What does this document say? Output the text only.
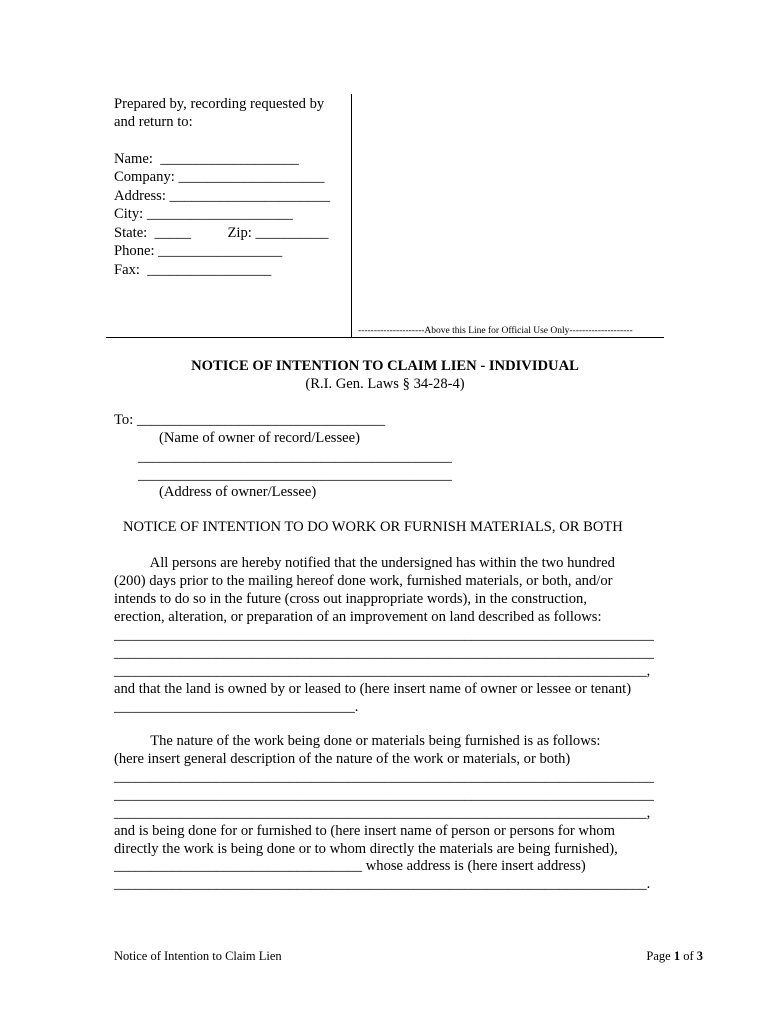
Prepared by, recording requested by
and return to:
Name:  ___________________
Company: ____________________
Address: ______________________
City: ____________________
State:  _____          Zip: __________
Phone: _________________
Fax:  _________________
---------------------Above this Line for Official Use Only--------------------
NOTICE OF INTENTION TO CLAIM LIEN - INDIVIDUAL
(R.I. Gen. Laws § 34-28-4)
To: __________________________________
(Name of owner of record/Lessee)
___________________________________________
___________________________________________
(Address of owner/Lessee)
NOTICE OF INTENTION TO DO WORK OR FURNISH MATERIALS, OR BOTH
All persons are hereby notified that the undersigned has within the two hundred
(200) days prior to the mailing hereof done work, furnished materials, or both, and/or
intends to do so in the future (cross out inappropriate words), in the construction,
erection, alteration, or preparation of an improvement on land described as follows:
__________________________________________________________________________
__________________________________________________________________________
_________________________________________________________________________,
and that the land is owned by or leased to (here insert name of owner or lessee or tenant)
_________________________________.
The nature of the work being done or materials being furnished is as follows:
(here insert general description of the nature of the work or materials, or both)
__________________________________________________________________________
__________________________________________________________________________
_________________________________________________________________________,
and is being done for or furnished to (here insert name of person or persons for whom
directly the work is being done or to whom directly the materials are being furnished),
__________________________________ whose address is (here insert address)
_________________________________________________________________________.
Notice of Intention to Claim Lien	Page 1 of 3
